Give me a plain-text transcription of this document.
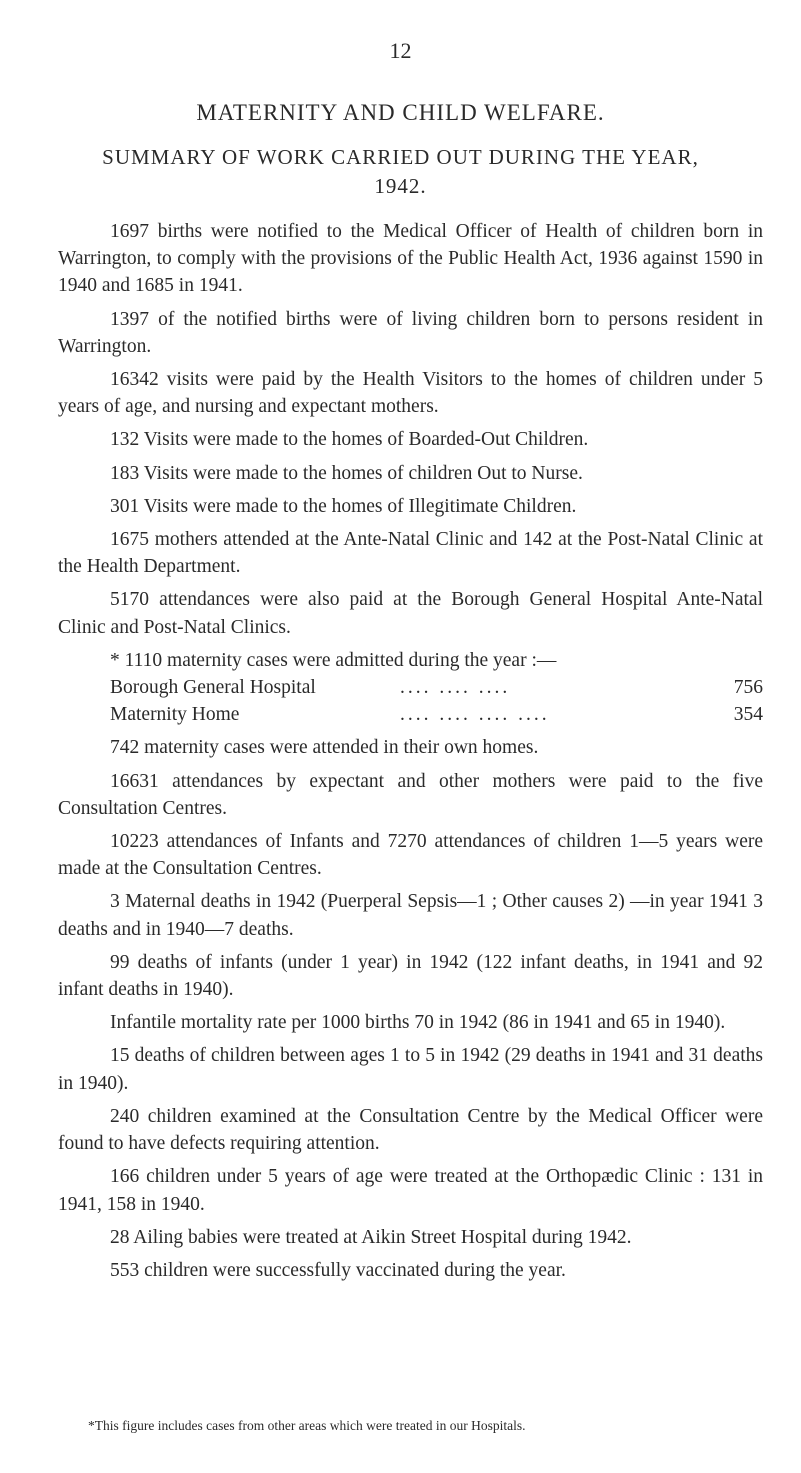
12
MATERNITY AND CHILD WELFARE.
SUMMARY OF WORK CARRIED OUT DURING THE YEAR,
1942.

1697 births were notified to the Medical Officer of Health of children born in Warrington, to comply with the provisions of the Public Health Act, 1936 against 1590 in 1940 and 1685 in 1941.

1397 of the notified births were of living children born to persons resident in Warrington.

16342 visits were paid by the Health Visitors to the homes of children under 5 years of age, and nursing and expectant mothers.

132 Visits were made to the homes of Boarded-Out Children.

183 Visits were made to the homes of children Out to Nurse.

301 Visits were made to the homes of Illegitimate Children.

1675 mothers attended at the Ante-Natal Clinic and 142 at the Post-Natal Clinic at the Health Department.

5170 attendances were also paid at the Borough General Hospital Ante-Natal Clinic and Post-Natal Clinics.

* 1110 maternity cases were admitted during the year :—

Borough General Hospital	.... .... ....	756
Maternity Home	.... .... .... ....	354

742 maternity cases were attended in their own homes.

16631 attendances by expectant and other mothers were paid to the five Consultation Centres.

10223 attendances of Infants and 7270 attendances of children 1—5 years were made at the Consultation Centres.

3 Maternal deaths in 1942 (Puerperal Sepsis—1 ; Other causes 2) —in year 1941 3 deaths and in 1940—7 deaths.

99 deaths of infants (under 1 year) in 1942 (122 infant deaths, in 1941 and 92 infant deaths in 1940).

Infantile mortality rate per 1000 births 70 in 1942 (86 in 1941 and 65 in 1940).

15 deaths of children between ages 1 to 5 in 1942 (29 deaths in 1941 and 31 deaths in 1940).

240 children examined at the Consultation Centre by the Medical Officer were found to have defects requiring attention.

166 children under 5 years of age were treated at the Orthopædic Clinic : 131 in 1941, 158 in 1940.

28 Ailing babies were treated at Aikin Street Hospital during 1942.

553 children were successfully vaccinated during the year.

*This figure includes cases from other areas which were treated in our Hospitals.
